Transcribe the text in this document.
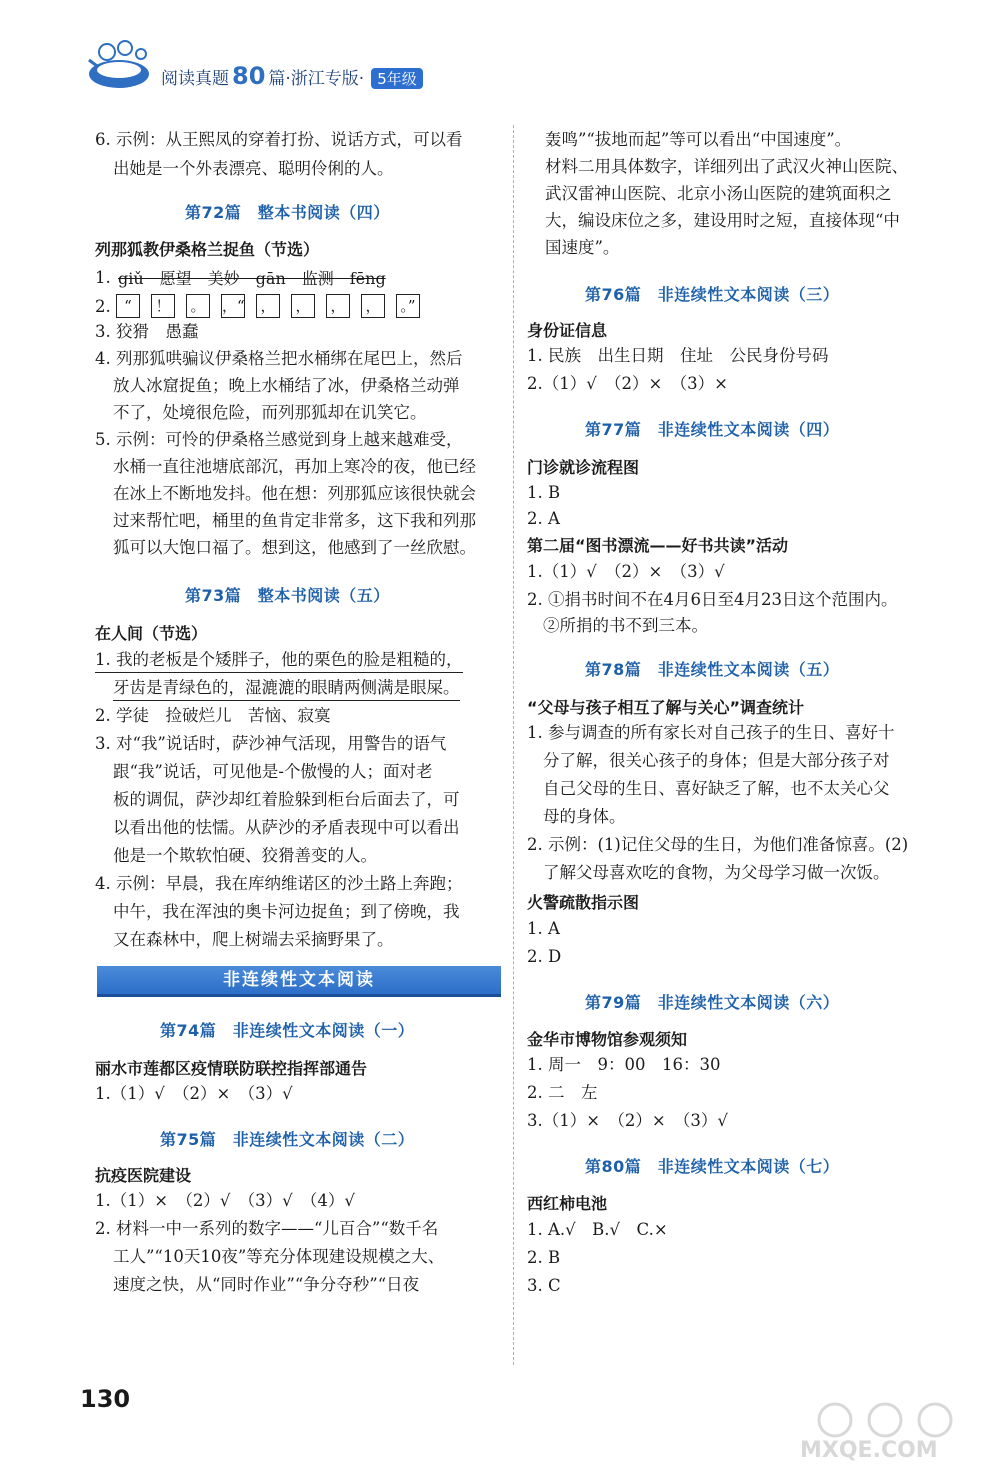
阅读真题 80 篇·浙江专版· 5年级
6. 示例：从王熙凤的穿着打扮、说话方式，可以看
出她是一个外表漂亮、聪明伶俐的人。
第72篇　整本书阅读（四）
列那狐教伊桑格兰捉鱼（节选）
1. giǔ　愿望　美妙　gān　监测　fēng
2. “	！	。	，“ ，	，	，	，	。”
3. 狡猾　愚蠢
4. 列那狐哄骗议伊桑格兰把水桶绑在尾巴上，然后
放人冰窟捉鱼；晚上水桶结了冰，伊桑格兰动弹
不了，处境很危险，而列那狐却在讥笑它。
5. 示例：可怜的伊桑格兰感觉到身上越来越难受，
水桶一直往池塘底部沉，再加上寒冷的夜，他已经
在冰上不断地发抖。他在想：列那狐应该很快就会
过来帮忙吧，桶里的鱼肯定非常多，这下我和列那
狐可以大饱口福了。想到这，他感到了一丝欣慰。
第73篇　整本书阅读（五）
在人间（节选）
1. 我的老板是个矮胖子，他的栗色的脸是粗糙的，
牙齿是青绿色的，湿漉漉的眼睛两侧满是眼屎。
2. 学徒　捡破烂儿　苦恼、寂寞
3. 对“我”说话时，萨沙神气活现，用警告的语气
跟“我”说话，可见他是-个傲慢的人；面对老
板的调侃，萨沙却红着脸躲到柜台后面去了，可
以看出他的怯懦。从萨沙的矛盾表现中可以看出
他是一个欺软怕硬、狡猾善变的人。
4. 示例：早晨，我在库纳维诺区的沙土路上奔跑；
中午，我在浑浊的奥卡河边捉鱼；到了傍晚，我
又在森林中，爬上树端去采摘野果了。
非连续性文本阅读
第74篇　非连续性文本阅读（一）
丽水市莲都区疫情联防联控指挥部通告
1.（1）√　（2）×　（3）√
第75篇　非连续性文本阅读（二）
抗疫医院建设
1.（1）×　（2）√　（3）√　（4）√
2. 材料一中一系列的数字——“儿百合”“数千名
工人”“10天10夜”等充分体现建设规模之大、
速度之快，从“同时作业”“争分夺秒”“日夜
轰鸣”“拔地而起”等可以看出“中国速度”。
材料二用具体数字，详细列出了武汉火神山医院、
武汉雷神山医院、北京小汤山医院的建筑面积之
大，编设床位之多，建设用时之短，直接体现“中
国速度”。
第76篇　非连续性文本阅读（三）
身份证信息
1. 民族　出生日期　住址　公民身份号码
2.（1）√　（2）×　（3）×
第77篇　非连续性文本阅读（四）
门诊就诊流程图
1. B
2. A
第二届“图书漂流——好书共读”活动
1.（1）√　（2）×　（3）√
2. ①捐书时间不在4月6日至4月23日这个范围内。
②所捐的书不到三本。
第78篇　非连续性文本阅读（五）
“父母与孩子相互了解与关心”调查统计
1. 参与调查的所有家长对自己孩子的生日、喜好十
分了解，很关心孩子的身体；但是大部分孩子对
自己父母的生日、喜好缺乏了解，也不太关心父
母的身体。
2. 示例：(1)记住父母的生日，为他们准备惊喜。(2)
了解父母喜欢吃的食物，为父母学习做一次饭。
火警疏散指示图
1. A
2. D
第79篇　非连续性文本阅读（六）
金华市博物馆参观须知
1. 周一　9：00　16：30
2. 二　左
3.（1）×　（2）×　（3）√
第80篇　非连续性文本阅读（七）
西红柿电池
1. A.√　B.√　C.×
2. B
3. C
130
MXQE.COM
